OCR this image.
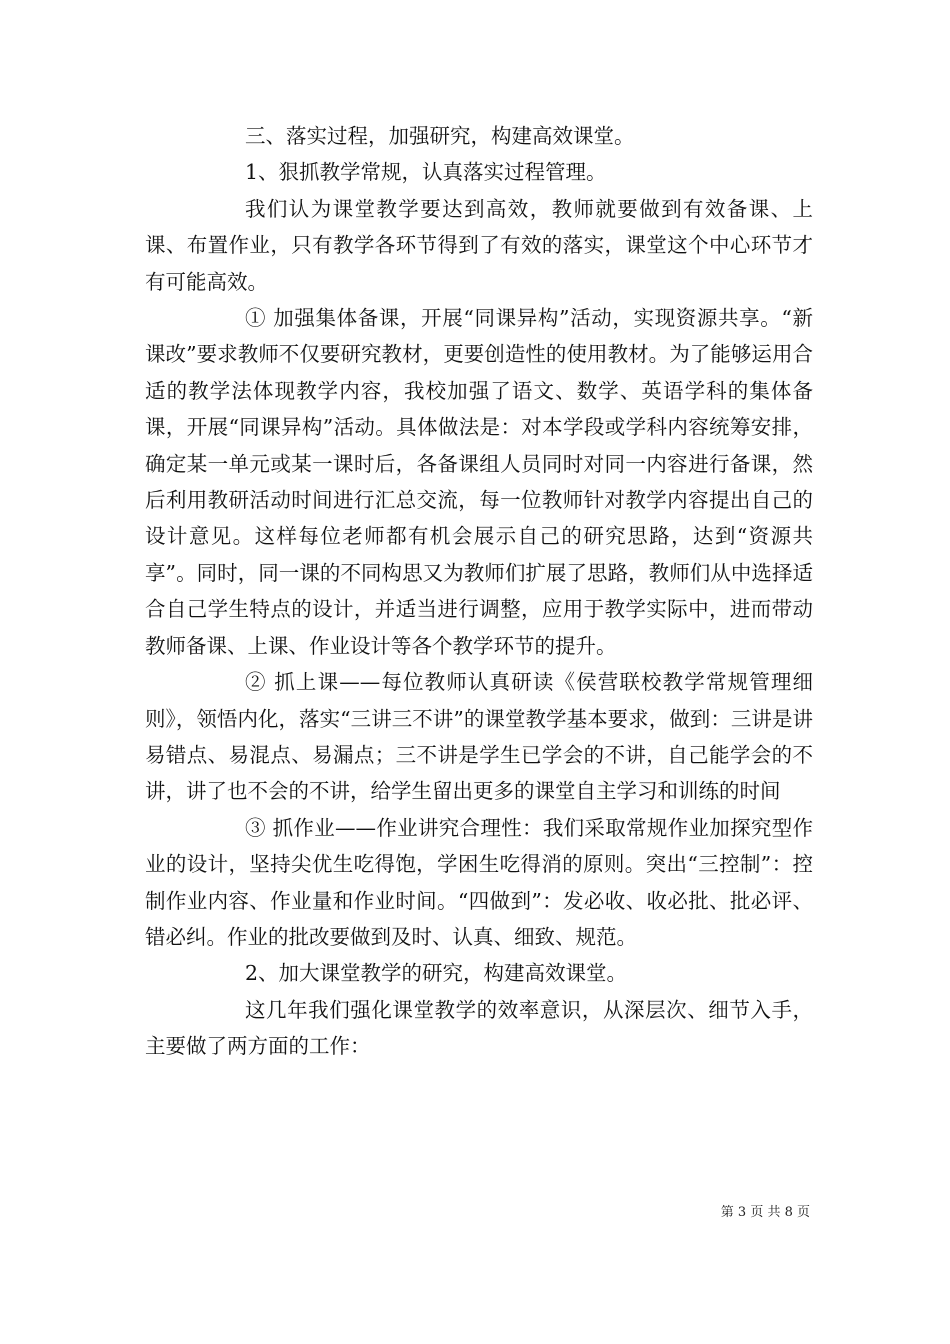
三、落实过程，加强研究，构建高效课堂。

1、狠抓教学常规，认真落实过程管理。

我们认为课堂教学要达到高效，教师就要做到有效备课、上课、布置作业，只有教学各环节得到了有效的落实，课堂这个中心环节才有可能高效。

① 加强集体备课，开展“同课异构”活动，实现资源共享。“新课改”要求教师不仅要研究教材，更要创造性的使用教材。为了能够运用合适的教学法体现教学内容，我校加强了语文、数学、英语学科的集体备课，开展“同课异构”活动。具体做法是：对本学段或学科内容统筹安排，确定某一单元或某一课时后，各备课组人员同时对同一内容进行备课，然后利用教研活动时间进行汇总交流，每一位教师针对教学内容提出自己的设计意见。这样每位老师都有机会展示自己的研究思路，达到“资源共享”。同时，同一课的不同构思又为教师们扩展了思路，教师们从中选择适合自己学生特点的设计，并适当进行调整，应用于教学实际中，进而带动教师备课、上课、作业设计等各个教学环节的提升。

② 抓上课——每位教师认真研读《侯营联校教学常规管理细则》，领悟内化，落实“三讲三不讲”的课堂教学基本要求，做到：三讲是讲易错点、易混点、易漏点；三不讲是学生已学会的不讲，自己能学会的不讲，讲了也不会的不讲，给学生留出更多的课堂自主学习和训练的时间

③ 抓作业——作业讲究合理性：我们采取常规作业加探究型作业的设计，坚持尖优生吃得饱，学困生吃得消的原则。突出“三控制”：控制作业内容、作业量和作业时间。“四做到”：发必收、收必批、批必评、错必纠。作业的批改要做到及时、认真、细致、规范。

2、加大课堂教学的研究，构建高效课堂。

这几年我们强化课堂教学的效率意识，从深层次、细节入手，主要做了两方面的工作：

第 3 页 共 8 页
